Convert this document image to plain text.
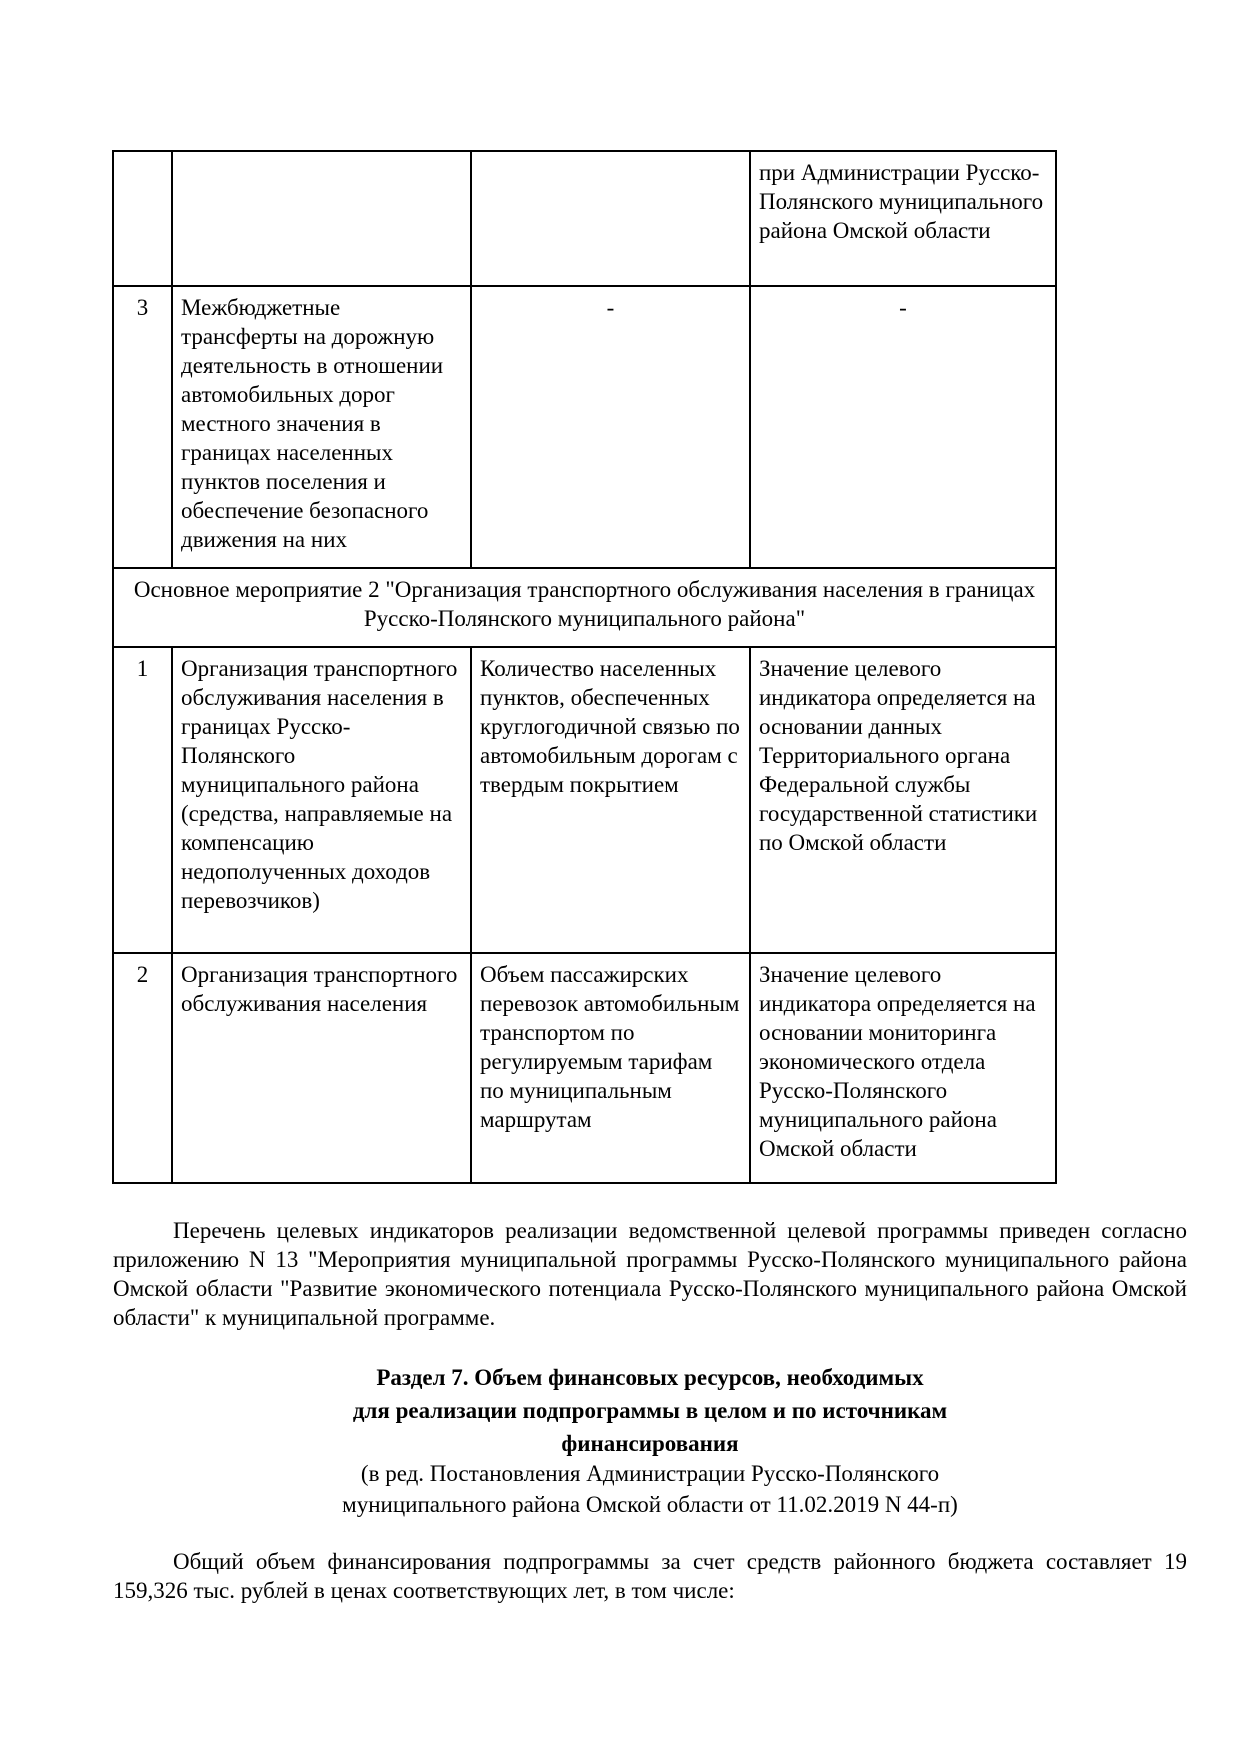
			при Администрации Русско-Полянского муниципального района Омской области
3	Межбюджетные трансферты на дорожную деятельность в отношении автомобильных дорог местного значения в границах населенных пунктов поселения и обеспечение безопасного движения на них	-	-
Основное мероприятие 2 "Организация транспортного обслуживания населения в границах Русско-Полянского муниципального района"			
1	Организация транспортного обслуживания населения в границах Русско-Полянского муниципального района (средства, направляемые на компенсацию недополученных доходов перевозчиков)	Количество населенных пунктов, обеспеченных круглогодичной связью по автомобильным дорогам с твердым покрытием	Значение целевого индикатора определяется на основании данных Территориального органа Федеральной службы государственной статистики по Омской области
2	Организация транспортного обслуживания населения	Объем пассажирских перевозок автомобильным транспортом по регулируемым тарифам по муниципальным маршрутам	Значение целевого индикатора определяется на основании мониторинга экономического отдела Русско-Полянского муниципального района Омской области
Перечень целевых индикаторов реализации ведомственной целевой программы приведен согласно приложению N 13 "Мероприятия муниципальной программы Русско-Полянского муниципального района Омской области "Развитие экономического потенциала Русско-Полянского муниципального района Омской области" к муниципальной программе.
Раздел 7. Объем финансовых ресурсов, необходимых
для реализации подпрограммы в целом и по источникам
финансирования
(в ред. Постановления Администрации Русско-Полянского
муниципального района Омской области от 11.02.2019 N 44-п)
Общий объем финансирования подпрограммы за счет средств районного бюджета составляет 19 159,326 тыс. рублей в ценах соответствующих лет, в том числе:
